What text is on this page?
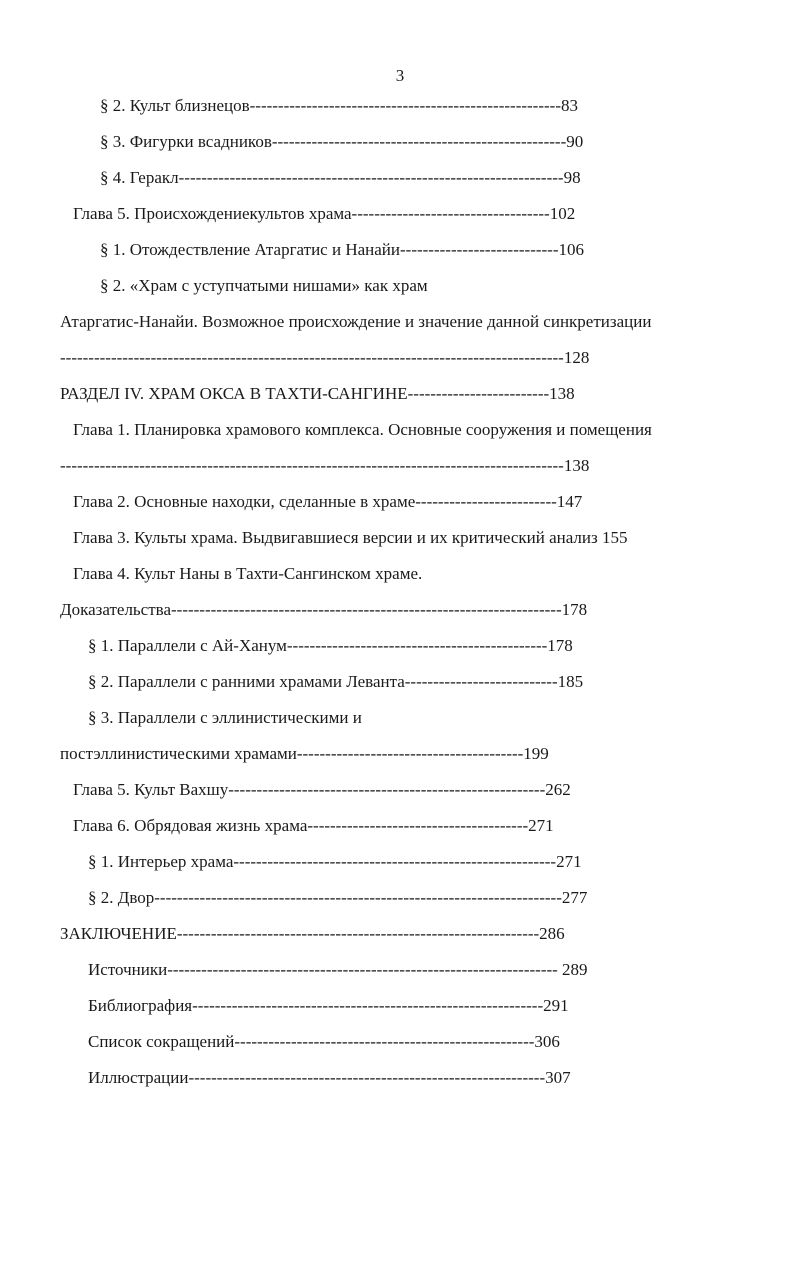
3
§ 2. Культ близнецов-------------------------------------------------------83
§ 3. Фигурки всадников----------------------------------------------------90
§ 4. Геракл--------------------------------------------------------------------98
Глава 5. Происхождениекультов храма-----------------------------------102
§ 1. Отождествление Атаргатис и Нанайи----------------------------106
§ 2. «Храм с уступчатыми нишами» как храм
Атаргатис-Нанайи. Возможное происхождение и значение данной синкретизации
-----------------------------------------------------------------------------------------128
РАЗДЕЛ IV. ХРАМ ОКСА В ТАХТИ-САНГИНЕ-------------------------138
Глава 1. Планировка храмового комплекса. Основные сооружения и помещения
-----------------------------------------------------------------------------------------138
Глава 2. Основные находки, сделанные в храме-------------------------147
Глава 3. Культы храма. Выдвигавшиеся версии и их критический анализ 155
Глава 4. Культ Наны в Тахти-Сангинском храме.
Доказательства---------------------------------------------------------------------178
§ 1. Параллели с Ай-Ханум----------------------------------------------178
§ 2. Параллели с ранними храмами Леванта---------------------------185
§ 3. Параллели с эллинистическими и
постэллинистическими храмами----------------------------------------199
Глава 5. Культ Вахшу--------------------------------------------------------262
Глава 6. Обрядовая жизнь храма---------------------------------------271
§ 1. Интерьер храма---------------------------------------------------------271
§ 2. Двор------------------------------------------------------------------------277
ЗАКЛЮЧЕНИЕ----------------------------------------------------------------286
Источники--------------------------------------------------------------------- 289
Библиография--------------------------------------------------------------291
Список сокращений-----------------------------------------------------306
Иллюстрации---------------------------------------------------------------307
